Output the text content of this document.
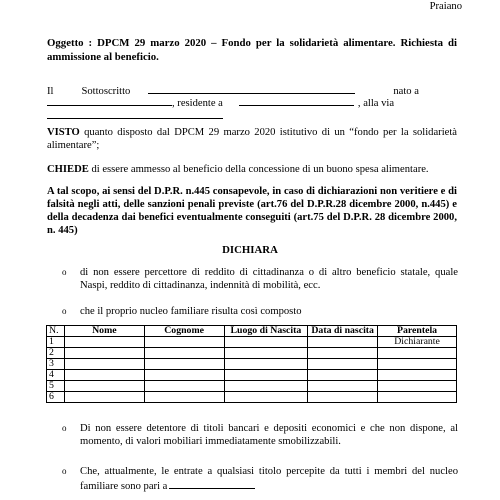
Praiano
Oggetto : DPCM 29 marzo 2020 – Fondo per la solidarietà alimentare. Richiesta di ammissione al beneficio.
Il	Sottoscritto	nato a
, residente a	, alla via
VISTO quanto disposto dal DPCM 29 marzo 2020 istitutivo di un “fondo per la solidarietà alimentare”;
CHIEDE di essere ammesso al beneficio della concessione di un buono spesa alimentare.
A tal scopo, ai sensi del D.P.R. n.445 consapevole, in caso di dichiarazioni non veritiere e di falsità negli atti, delle sanzioni penali previste (art.76 del D.P.R.28 dicembre 2000, n.445) e della decadenza dai benefici eventualmente conseguiti (art.75 del D.P.R. 28 dicembre 2000, n. 445)
DICHIARA
o di non essere percettore di reddito di cittadinanza o di altro beneficio statale, quale Naspi, reddito di cittadinanza, indennità di mobilità, ecc.
o che il proprio nucleo familiare risulta così composto
N.	Nome	Cognome	Luogo di Nascita	Data di nascita	Parentela
1					Dichiarante
2					
3					
4					
5					
6					
o Di non essere detentore di titoli bancari e depositi economici e che non dispone, al momento, di valori mobiliari immediatamente smobilizzabili.
o Che, attualmente, le entrate a qualsiasi titolo percepite da tutti i membri del nucleo familiare sono pari a
